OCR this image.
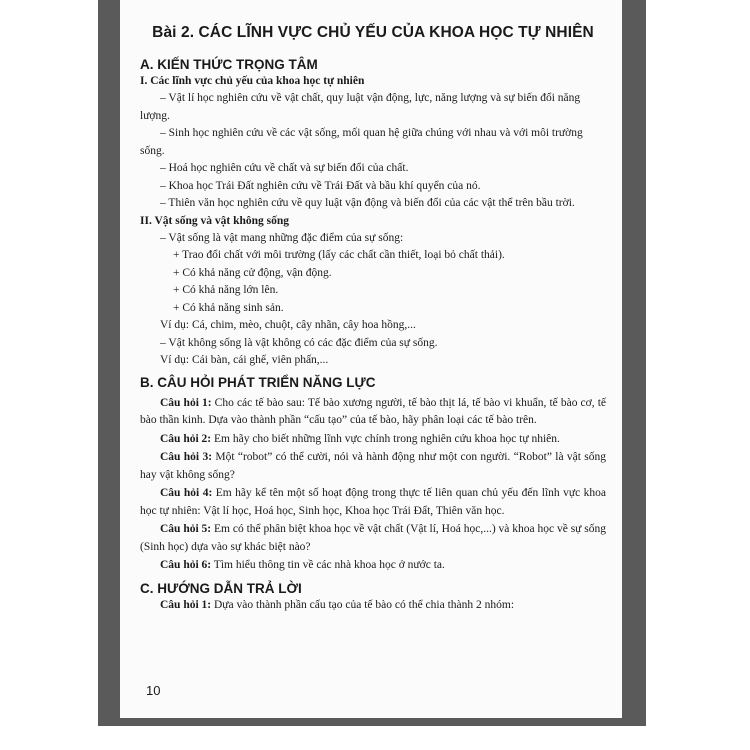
Bài 2. CÁC LĨNH VỰC CHỦ YẾU CỦA KHOA HỌC TỰ NHIÊN
A. KIẾN THỨC TRỌNG TÂM

I. Các lĩnh vực chủ yếu của khoa học tự nhiên

– Vật lí học nghiên cứu về vật chất, quy luật vận động, lực, năng lượng và sự biến đổi năng lượng.

– Sinh học nghiên cứu về các vật sống, mối quan hệ giữa chúng với nhau và với môi trường sống.

– Hoá học nghiên cứu về chất và sự biến đổi của chất.

– Khoa học Trái Đất nghiên cứu về Trái Đất và bầu khí quyển của nó.

– Thiên văn học nghiên cứu về quy luật vận động và biến đổi của các vật thể trên bầu trời.

II. Vật sống và vật không sống

– Vật sống là vật mang những đặc điểm của sự sống:

+ Trao đổi chất với môi trường (lấy các chất cần thiết, loại bỏ chất thải).

+ Có khả năng cử động, vận động.

+ Có khả năng lớn lên.

+ Có khả năng sinh sản.

Ví dụ: Cá, chim, mèo, chuột, cây nhãn, cây hoa hồng,...

– Vật không sống là vật không có các đặc điểm của sự sống.

Ví dụ: Cái bàn, cái ghế, viên phấn,...

B. CÂU HỎI PHÁT TRIỂN NĂNG LỰC

Câu hỏi 1: Cho các tế bào sau: Tế bào xương người, tế bào thịt lá, tế bào vi khuẩn, tế bào cơ, tế bào thần kinh. Dựa vào thành phần “cấu tạo” của tế bào, hãy phân loại các tế bào trên.

Câu hỏi 2: Em hãy cho biết những lĩnh vực chính trong nghiên cứu khoa học tự nhiên.

Câu hỏi 3: Một “robot” có thể cười, nói và hành động như một con người. “Robot” là vật sống hay vật không sống?

Câu hỏi 4: Em hãy kể tên một số hoạt động trong thực tế liên quan chủ yếu đến lĩnh vực khoa học tự nhiên: Vật lí học, Hoá học, Sinh học, Khoa học Trái Đất, Thiên văn học.

Câu hỏi 5: Em có thể phân biệt khoa học về vật chất (Vật lí, Hoá học,...) và khoa học về sự sống (Sinh học) dựa vào sự khác biệt nào?

Câu hỏi 6: Tìm hiểu thông tin về các nhà khoa học ở nước ta.

C. HƯỚNG DẪN TRẢ LỜI

Câu hỏi 1: Dựa vào thành phần cấu tạo của tế bào có thể chia thành 2 nhóm:

10
